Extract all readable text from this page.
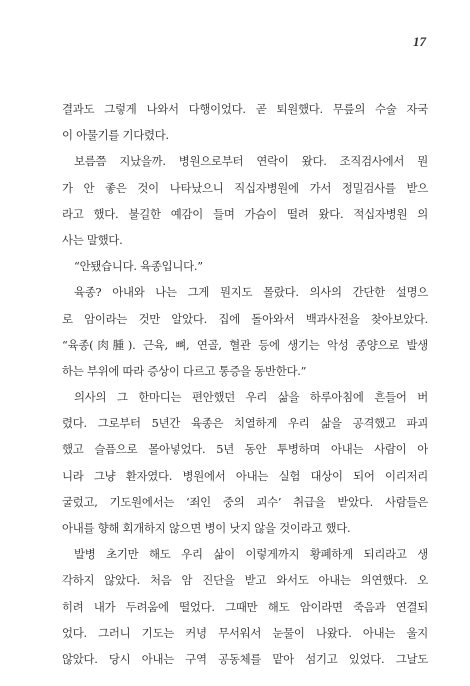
17
결과도 그렇게 나와서 다행이었다. 곧 퇴원했다. 무릎의 수술 자국
이 아물기를 기다렸다.
보름쯤 지났을까. 병원으로부터 연락이 왔다. 조직검사에서 뭔
가 안 좋은 것이 나타났으니 직십자병원에 가서 정밀검사를 받으
라고 했다. 불길한 예감이 들며 가슴이 떨려 왔다. 적십자병원 의
사는 말했다.
“안됐습니다. 육종입니다.”
육종? 아내와 나는 그게 뭔지도 몰랐다. 의사의 간단한 설명으
로 암이라는 것만 알았다. 집에 돌아와서 백과사전을 찾아보았다.
“육종(肉腫). 근육, 뼈, 연골, 혈관 등에 생기는 악성 종양으로 발생
하는 부위에 따라 증상이 다르고 통증을 동반한다.”
의사의 그 한마디는 편안했던 우리 삶을 하루아침에 흔들어 버
렸다. 그로부터 5년간 육종은 치열하게 우리 삶을 공격했고 파괴
했고 슬픔으로 몰아넣었다. 5년 동안 투병하며 아내는 사람이 아
니라 그냥 환자였다. 병원에서 아내는 실험 대상이 되어 이리저리
굴렀고, 기도원에서는 ‘죄인 중의 괴수’ 취급을 받았다. 사람들은
아내를 향해 회개하지 않으면 병이 낫지 않을 것이라고 했다.
발병 초기만 해도 우리 삶이 이렇게까지 황폐하게 되리라고 생
각하지 않았다. 처음 암 진단을 받고 와서도 아내는 의연했다. 오
히려 내가 두려움에 떨었다. 그때만 해도 암이라면 죽음과 연결되
었다. 그러니 기도는 커녕 무서워서 눈물이 나왔다. 아내는 울지
않았다. 당시 아내는 구역 공동체를 맡아 섬기고 있었다. 그날도
